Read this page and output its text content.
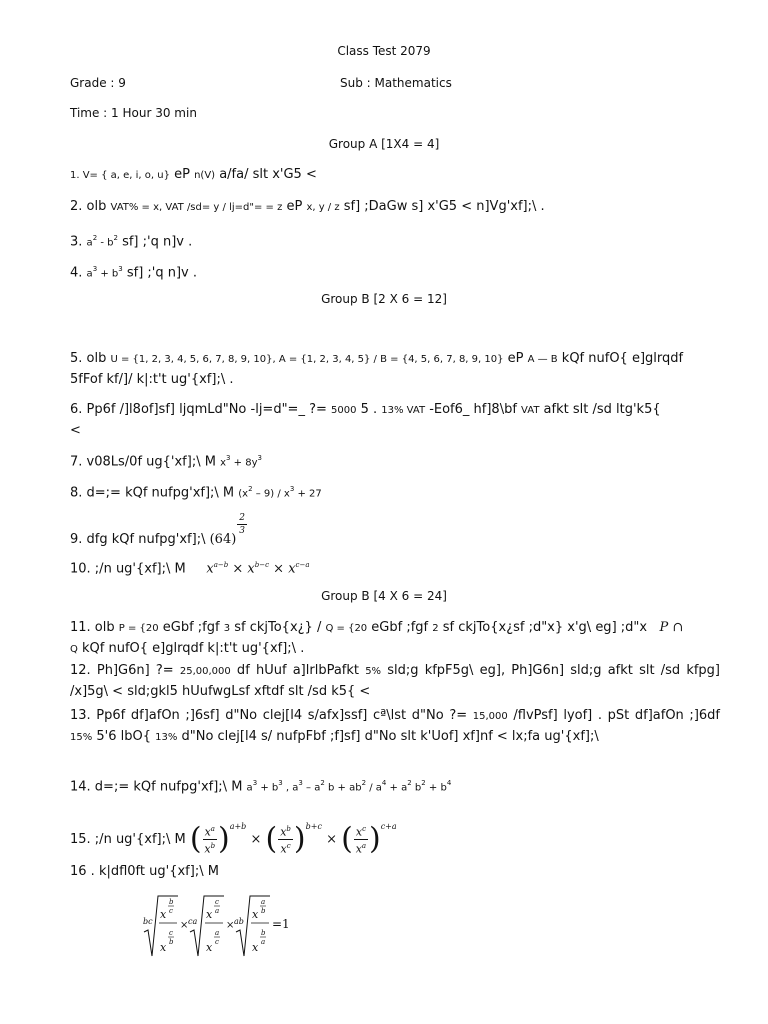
Class Test 2079
Grade : 9	Sub : Mathematics
Time : 1 Hour 30 min
Group A [1X4 = 4]
1. V= { a, e, i, o, u} eP n(V) a/fa/ slt x'G5 <
2. olb VAT% = x, VAT /sd= y / lj=d"= = z eP x, y / z sf] ;DaGw s] x'G5 < n]Vg'xf];\ .
3. $a^2 - b^2$ sf] ;'q n]v .
4. $a^3 + b^3$ sf] ;'q n]v .
Group B [2 X 6 = 12]
5. olb U = {1, 2, 3, 4, 5, 6, 7, 8, 9, 10}, A = {1, 2, 3, 4, 5} / B = {4, 5, 6, 7, 8, 9, 10} eP A — B kQf nufO{ e]glrqdf
5fFof kf/]/ k|:t't ug'{xf];\ .
6. Pp6f /]l8of]sf] ljqmLd"No -lj=d"=_ ?= 5000 5 . 13% VAT -Eof6_ hf]8\bf VAT afkt slt /sd ltg'k5{
<
7. v08Ls/0f ug{'xf];\ M $x^3 + 8y^3$
8. d=;= kQf nufpg'xf];\ M $(x^2 - 9) / x^3 + 27$
9. dfg kQf nufpg'xf];\ (64)
$\frac{2}{3}$
10. ;/n ug'{xf];\ M     $x^{a-b} \times x^{b-c} \times x^{c-a}$
Group B [4 X 6 = 24]
11. olb P = {20 eGbf ;fgf 3 sf ckjTo{x¿} / Q = {20 eGbf ;fgf 2 sf ckjTo{x¿sf ;d"x} x'g\ eg] ;d"x P ∩
Q kQf nufO{ e]glrqdf k|:t't ug'{xf];\ .
12. Ph]G6n] ?= 25,00,000 df hUuf a]lrlbPafkt 5% sld;g kfpF5g\ eg], Ph]G6n] sld;g afkt slt /sd kfpg] /x]5g\ < sld;gkl5 hUufwgLsf xftdf slt /sd k5{ <
13. Pp6f df]afOn ;]6sf] d"No clej[l4 s/afx]ssf] cª\lst d"No ?= 15,000 /flvPsf] lyof] . pSt df]afOn ;]6df 15% 5'6 lbO{ 13% d"No clej[l4 s/ nufpFbf ;f]sf] d"No slt k'Uof] xf]nf < lx;fa ug'{xf];\
14. d=;= kQf nufpg'xf];\ M $a^3 + b^3$ , $a^3 - a^2$ $b + ab^2 / a^4 + a^2$ $b^2 + b^4$
15. ;/n ug'{xf];\ M ( $\frac{x^a}{x^b} )^{a+b}$ × ( $\frac{x^b}{x^c} )^{b+c}$ × ( $\frac{x^c}{x^a} )^{c+a}$
16 . k|dfl0ft ug'{xf];\ M
bc
x
b
c
x
c
b
× ca
x
c
a
x
a
c
× ab
x
a
b
x
b
a
=1
